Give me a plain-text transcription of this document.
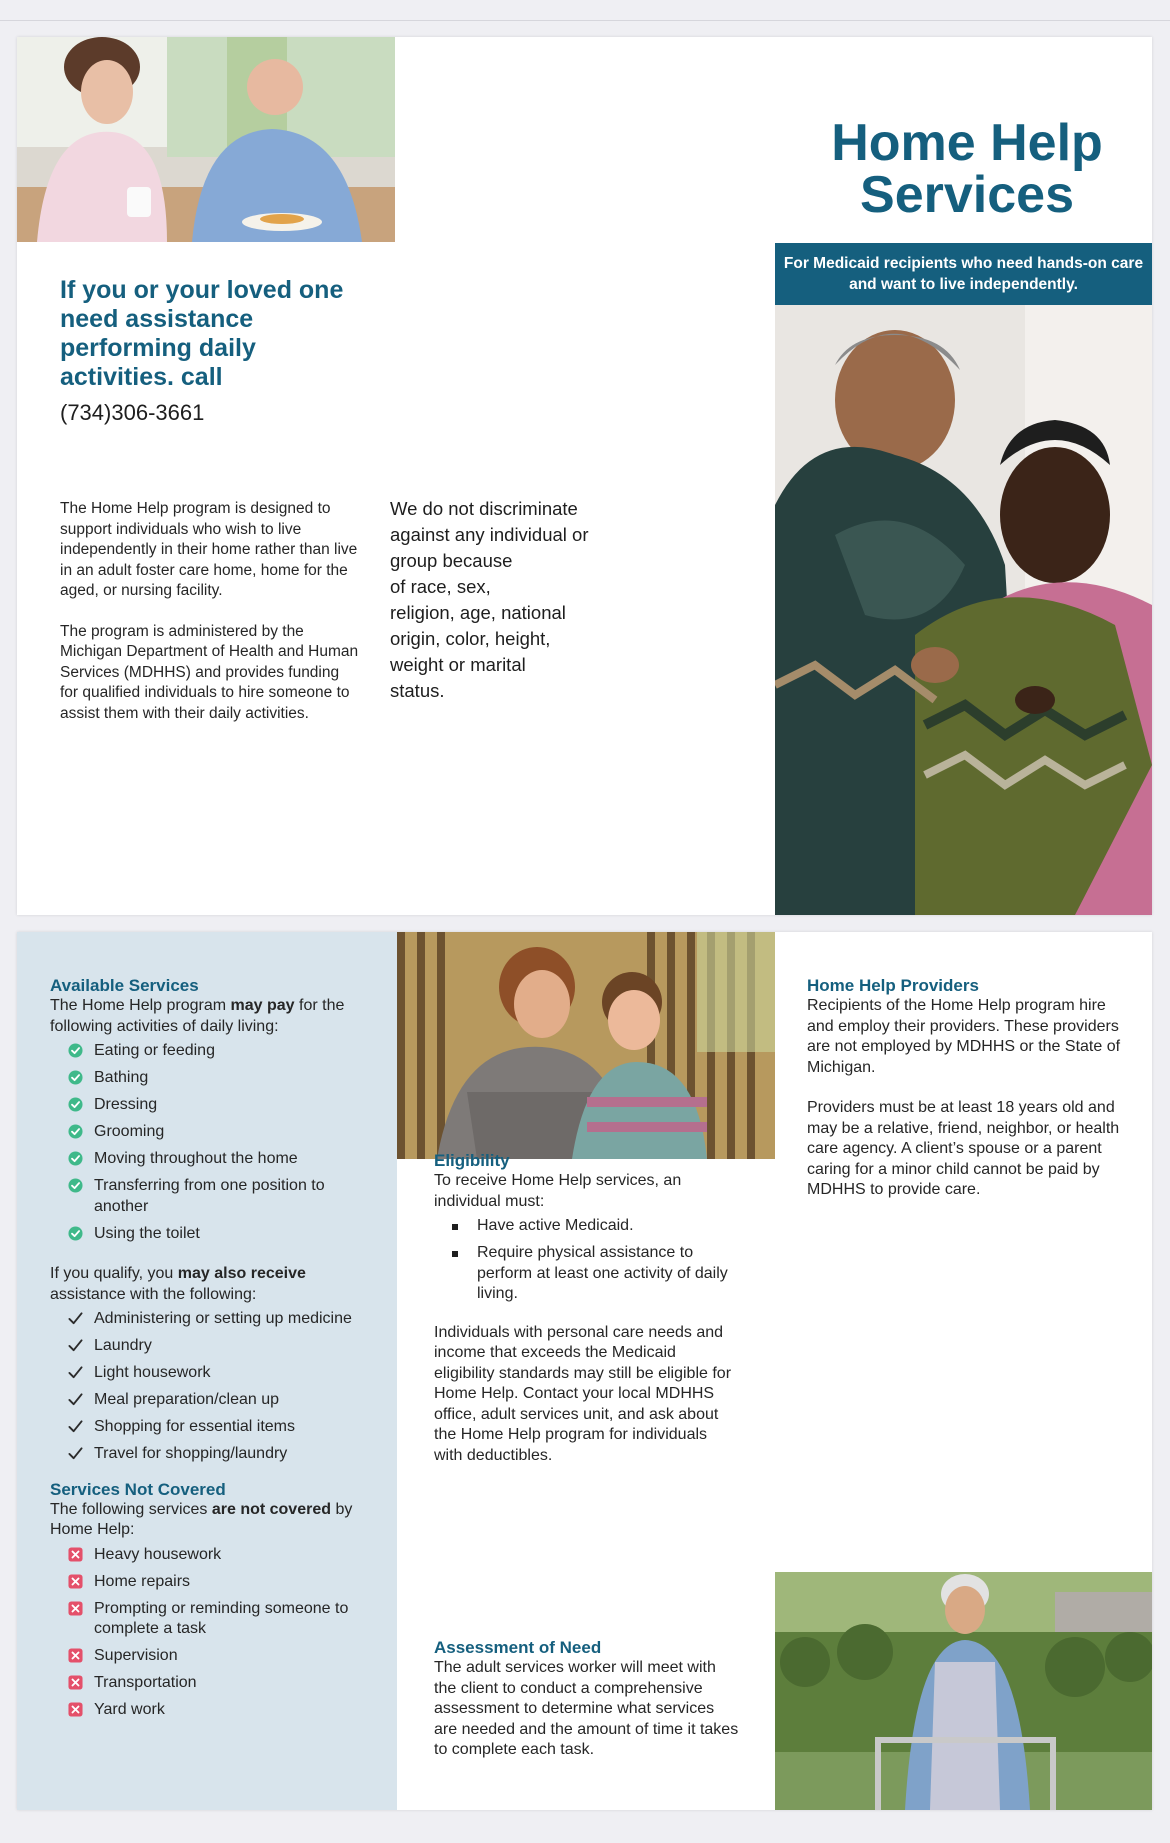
If you or your loved one need assistance performing daily activities. call
(734)306-3661

The Home Help program is designed to support individuals who wish to live independently in their home rather than live in an adult foster care home, home for the aged, or nursing facility.

The program is administered by the Michigan Department of Health and Human Services (MDHHS) and provides funding for qualified individuals to hire someone to assist them with their daily activities.

We do not discriminate
against any individual or
group because
of race, sex,
religion, age, national
origin, color, height,
weight or marital
status.
Home Help
Services
For Medicaid recipients who need hands-on care and want to live independently.
Available Services
The Home Help program may pay for the following activities of daily living:
Eating or feeding
Bathing
Dressing
Grooming
Moving throughout the home
Transferring from one position to another
Using the toilet
If you qualify, you may also receive assistance with the following:
Administering or setting up medicine
Laundry
Light housework
Meal preparation/clean up
Shopping for essential items
Travel for shopping/laundry
Services Not Covered
The following services are not covered by Home Help:
Heavy housework
Home repairs
Prompting or reminding someone to complete a task
Supervision
Transportation
Yard work
Eligibility

To receive Home Help services, an individual must:

Have active Medicaid.
Require physical assistance to perform at least one activity of daily living.

Individuals with personal care needs and income that exceeds the Medicaid eligibility standards may still be eligible for Home Help. Contact your local MDHHS office, adult services unit, and ask about the Home Help program for individuals with deductibles.

Assessment of Need

The adult services worker will meet with the client to conduct a comprehensive assessment to determine what services are needed and the amount of time it takes to complete each task.

Home Help Providers

Recipients of the Home Help program hire and employ their providers. These providers are not employed by MDHHS or the State of Michigan.

Providers must be at least 18 years old and may be a relative, friend, neighbor, or health care agency. A client’s spouse or a parent caring for a minor child cannot be paid by MDHHS to provide care.
